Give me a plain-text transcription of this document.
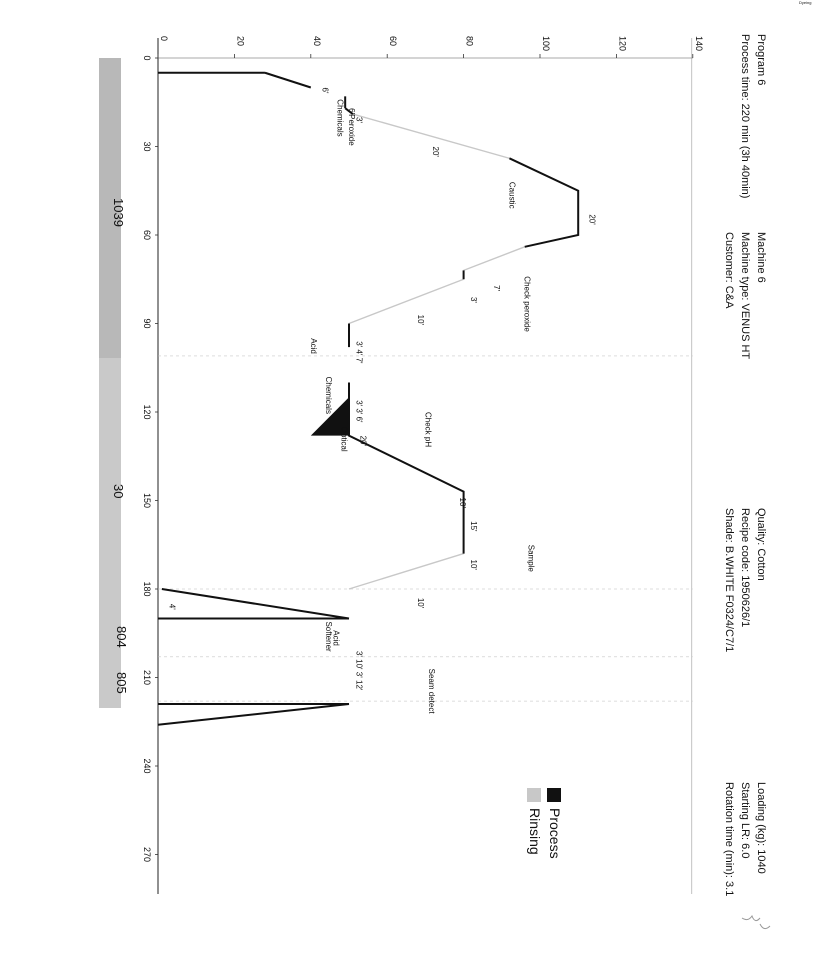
Dyeing
Program 6
Process time: 220 min (3h 40min)
Machine 6
Machine type: VENUS HT
Customer: C&A
Quality: Cotton
Recipe code: 1950626/1
Shade: B.WHITE F0324/C7/1
Loading (kg): 1040
Starting LR: 6.0
Rotation time (min): 3.1
1039
30
804
805
0	20	40	60	80	100	120	140
0
30
60
90
120
150
180
210
240
270
Chemicals
6'
6'Peroxide
3'
20'
Caustic
20'
Check peroxide
7'
3'
10'
3' 4' 7'
Acid
3' 3' 6'
Chemicals
Check pH
Optical 20'
10'
15'
Sample
10'
10'
4'
Softener
Acid
3' 10' 3' 12'	Seam detect
Process
Rinsing
